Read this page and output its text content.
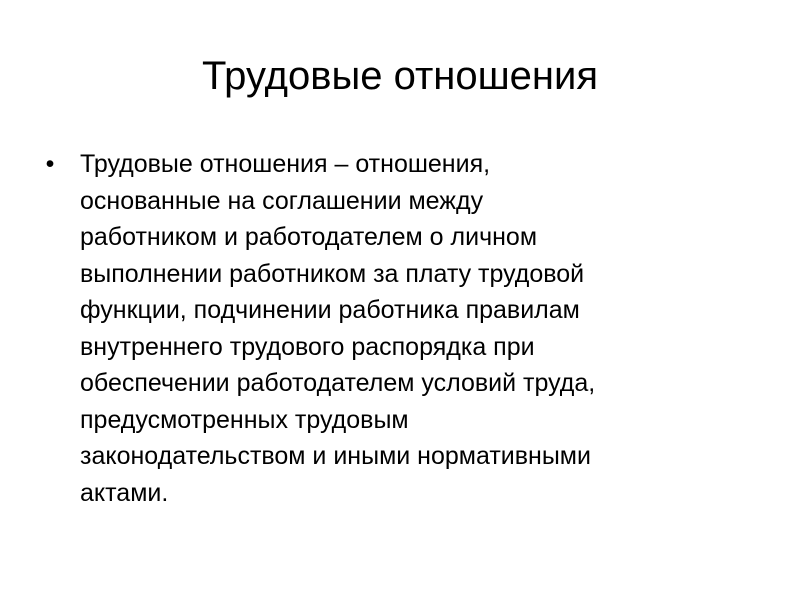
Трудовые отношения
• Трудовые отношения – отношения,
основанные на соглашении между
работником и работодателем о личном
выполнении работником за плату трудовой
функции, подчинении работника правилам
внутреннего трудового распорядка при
обеспечении работодателем условий труда,
предусмотренных трудовым
законодательством и иными нормативными
актами.
